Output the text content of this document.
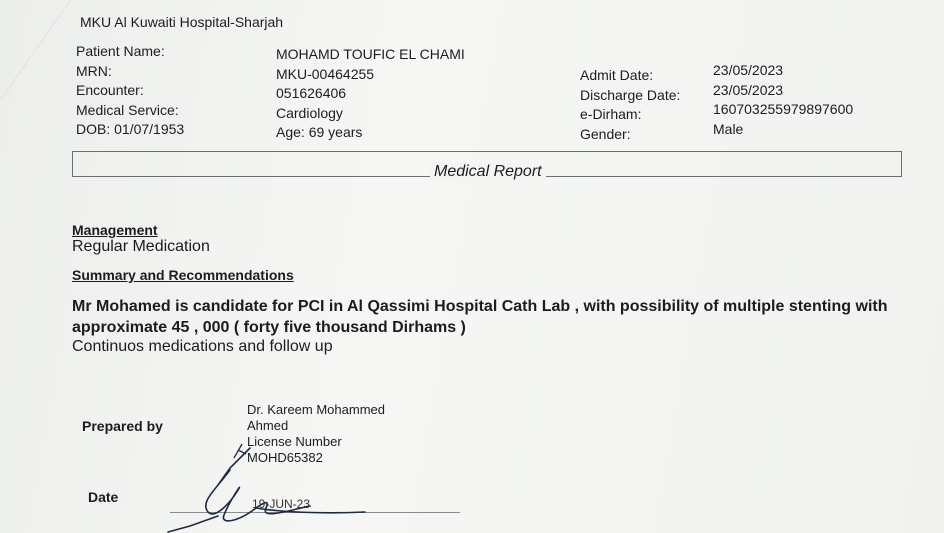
MKU Al Kuwaiti Hospital-Sharjah
Patient Name:
MRN:
Encounter:
Medical Service:
DOB: 01/07/1953
MOHAMD TOUFIC EL CHAMI
MKU-00464255
051626406
Cardiology
Age: 69 years
Admit Date:
Discharge Date:
e-Dirham:
Gender:
23/05/2023
23/05/2023
160703255979897600
Male
Medical Report
Management
Regular Medication
Summary and Recommendations
Mr Mohamed is candidate for PCI in Al Qassimi Hospital Cath Lab , with possibility of multiple stenting with
approximate 45 , 000 ( forty five thousand Dirhams )
Continuos medications and follow up
Prepared by
Date
Dr. Kareem Mohammed Ahmed
License Number
MOHD65382
19-JUN-23
